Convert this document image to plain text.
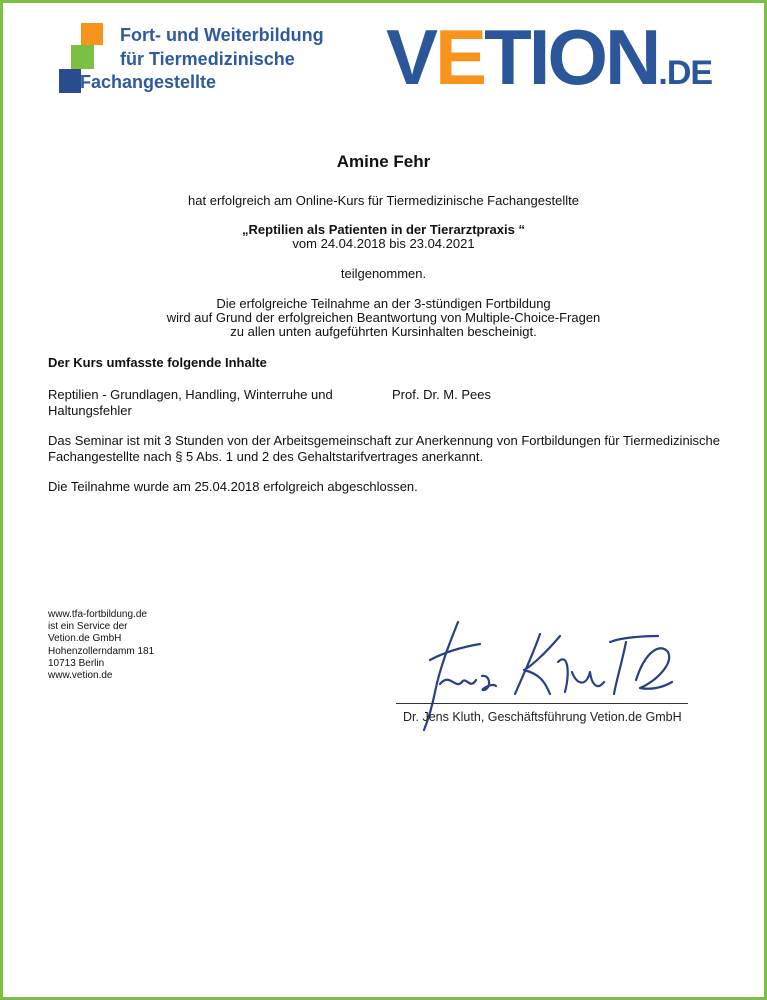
Fort- und Weiterbildung
für Tiermedizinische
Fachangestellte VETION.DE
Amine Fehr
hat erfolgreich am Online-Kurs für Tiermedizinische Fachangestellte
„Reptilien als Patienten in der Tierarztpraxis “
vom 24.04.2018 bis 23.04.2021
teilgenommen.
Die erfolgreiche Teilnahme an der 3-stündigen Fortbildung
wird auf Grund der erfolgreichen Beantwortung von Multiple-Choice-Fragen
zu allen unten aufgeführten Kursinhalten bescheinigt.
Der Kurs umfasste folgende Inhalte
Reptilien - Grundlagen, Handling, Winterruhe und
Haltungsfehler
Prof. Dr. M. Pees
Das Seminar ist mit 3 Stunden von der Arbeitsgemeinschaft zur Anerkennung von Fortbildungen für Tiermedizinische
Fachangestellte nach § 5 Abs. 1 und 2 des Gehaltstarifvertrages anerkannt.
Die Teilnahme wurde am 25.04.2018 erfolgreich abgeschlossen.
www.tfa-fortbildung.de
ist ein Service der
Vetion.de GmbH
Hohenzollerndamm 181
10713 Berlin
www.vetion.de
Dr. Jens Kluth, Geschäftsführung Vetion.de GmbH
